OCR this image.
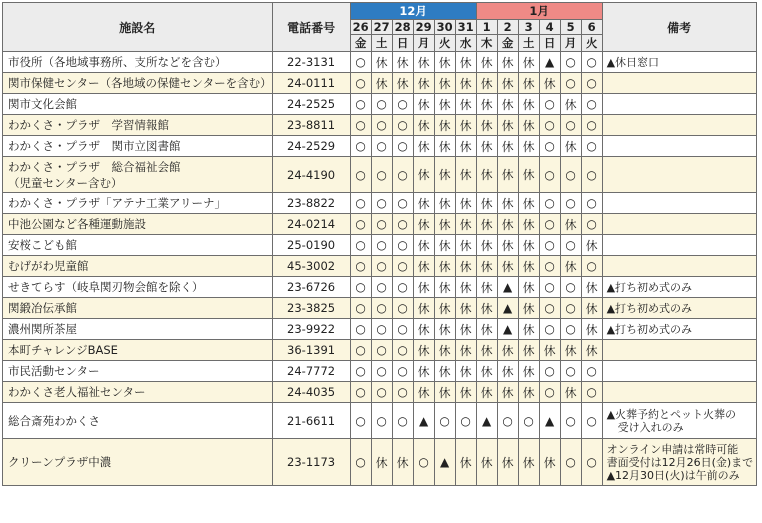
施設名	電話番号	12月						1月						備考
		26	27	28	29	30	31	1	2	3	4	5	6	
		金	土	日	月	火	水	木	金	土	日	月	火	

市役所（各地域事務所、支所などを含む）	22-3131	○	休	休	休	休	休	休	休	休	▲	○	○	▲休日窓口

関市保健センター（各地域の保健センターを含む）	24-0111	○	休	休	休	休	休	休	休	休	休	○	○	

関市文化会館	24-2525	○	○	○	休	休	休	休	休	休	○	休	○	

わかくさ・プラザ　学習情報館	23-8811	○	○	○	休	休	休	休	休	休	○	○	○	

わかくさ・プラザ　関市立図書館	24-2529	○	○	○	休	休	休	休	休	休	○	休	○	

わかくさ・プラザ　総合福祉会館
（児童センター含む）	24-4190	○	○	○	休	休	休	休	休	休	○	○	○	

わかくさ・プラザ「アテナ工業アリーナ」	23-8822	○	○	○	休	休	休	休	休	休	○	○	○	

中池公園など各種運動施設	24-0214	○	○	○	休	休	休	休	休	休	○	休	○	

安桜こども館	25-0190	○	○	○	休	休	休	休	休	休	○	○	休	

むげがわ児童館	45-3002	○	○	○	休	休	休	休	休	休	○	休	○	

せきてらす（岐阜関刃物会館を除く）	23-6726	○	○	○	休	休	休	休	▲	休	○	○	休	▲打ち初め式のみ

関鍛冶伝承館	23-3825	○	○	○	休	休	休	休	▲	休	○	○	休	▲打ち初め式のみ

濃州関所茶屋	23-9922	○	○	○	休	休	休	休	▲	休	○	○	休	▲打ち初め式のみ

本町チャレンジBASE	36-1391	○	○	○	休	休	休	休	休	休	休	休	休	

市民活動センター	24-7772	○	○	○	休	休	休	休	休	休	○	○	○	

わかくさ老人福祉センター	24-4035	○	○	○	休	休	休	休	休	休	○	休	○	

総合斎苑わかくさ	21-6611	○	○	○	▲	○	○	▲	○	○	▲	○	○	▲火葬予約とペット火葬の
　受け入れのみ

クリーンプラザ中濃	23-1173	○	休	休	○	▲	休	休	休	休	休	○	○	オンライン申請は常時可能
書面受付は12月26日(金)まで
▲12月30日(火)は午前のみ
